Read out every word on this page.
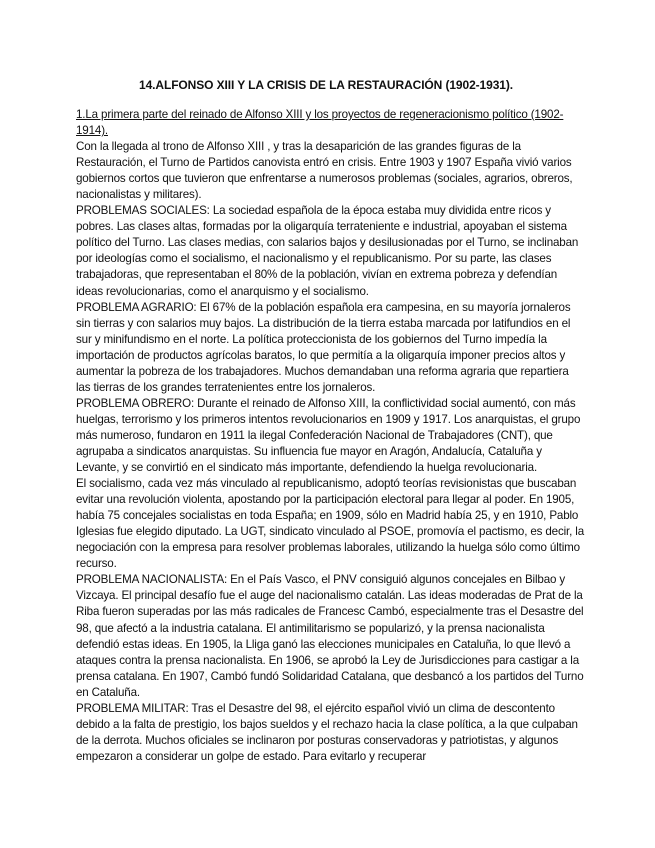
14.ALFONSO XIII Y LA CRISIS DE LA RESTAURACIÓN (1902-1931).

1.La primera parte del reinado de Alfonso XIII y los proyectos de regeneracionismo político (1902-1914).

Con la llegada al trono de Alfonso XIII , y tras la desaparición de las grandes figuras de la Restauración, el Turno de Partidos canovista entró en crisis. Entre 1903 y 1907 España vivió varios gobiernos cortos que tuvieron que enfrentarse a numerosos problemas (sociales, agrarios, obreros, nacionalistas y militares).

PROBLEMAS SOCIALES: La sociedad española de la época estaba muy dividida entre ricos y pobres. Las clases altas, formadas por la oligarquía terrateniente e industrial, apoyaban el sistema político del Turno. Las clases medias, con salarios bajos y desilusionadas por el Turno, se inclinaban por ideologías como el socialismo, el nacionalismo y el republicanismo. Por su parte, las clases trabajadoras, que representaban el 80% de la población, vivían en extrema pobreza y defendían ideas revolucionarias, como el anarquismo y el socialismo.

PROBLEMA AGRARIO: El 67% de la población española era campesina, en su mayoría jornaleros sin tierras y con salarios muy bajos. La distribución de la tierra estaba marcada por latifundios en el sur y minifundismo en el norte. La política proteccionista de los gobiernos del Turno impedía la importación de productos agrícolas baratos, lo que permitía a la oligarquía imponer precios altos y aumentar la pobreza de los trabajadores. Muchos demandaban una reforma agraria que repartiera las tierras de los grandes terratenientes entre los jornaleros.

PROBLEMA OBRERO: Durante el reinado de Alfonso XIII, la conflictividad social aumentó, con más huelgas, terrorismo y los primeros intentos revolucionarios en 1909 y 1917. Los anarquistas, el grupo más numeroso, fundaron en 1911 la ilegal Confederación Nacional de Trabajadores (CNT), que agrupaba a sindicatos anarquistas. Su influencia fue mayor en Aragón, Andalucía, Cataluña y Levante, y se convirtió en el sindicato más importante, defendiendo la huelga revolucionaria.

El socialismo, cada vez más vinculado al republicanismo, adoptó teorías revisionistas que buscaban evitar una revolución violenta, apostando por la participación electoral para llegar al poder. En 1905, había 75 concejales socialistas en toda España; en 1909, sólo en Madrid había 25, y en 1910, Pablo Iglesias fue elegido diputado. La UGT, sindicato vinculado al PSOE, promovía el pactismo, es decir, la negociación con la empresa para resolver problemas laborales, utilizando la huelga sólo como último recurso.

PROBLEMA NACIONALISTA: En el País Vasco, el PNV consiguió algunos concejales en Bilbao y Vizcaya. El principal desafío fue el auge del nacionalismo catalán. Las ideas moderadas de Prat de la Riba fueron superadas por las más radicales de Francesc Cambó, especialmente tras el Desastre del 98, que afectó a la industria catalana. El antimilitarismo se popularizó, y la prensa nacionalista defendió estas ideas. En 1905, la Lliga ganó las elecciones municipales en Cataluña, lo que llevó a ataques contra la prensa nacionalista. En 1906, se aprobó la Ley de Jurisdicciones para castigar a la prensa catalana. En 1907, Cambó fundó Solidaridad Catalana, que desbancó a los partidos del Turno en Cataluña.

PROBLEMA MILITAR: Tras el Desastre del 98, el ejército español vivió un clima de descontento debido a la falta de prestigio, los bajos sueldos y el rechazo hacia la clase política, a la que culpaban de la derrota. Muchos oficiales se inclinaron por posturas conservadoras y patriotistas, y algunos empezaron a considerar un golpe de estado. Para evitarlo y recuperar
